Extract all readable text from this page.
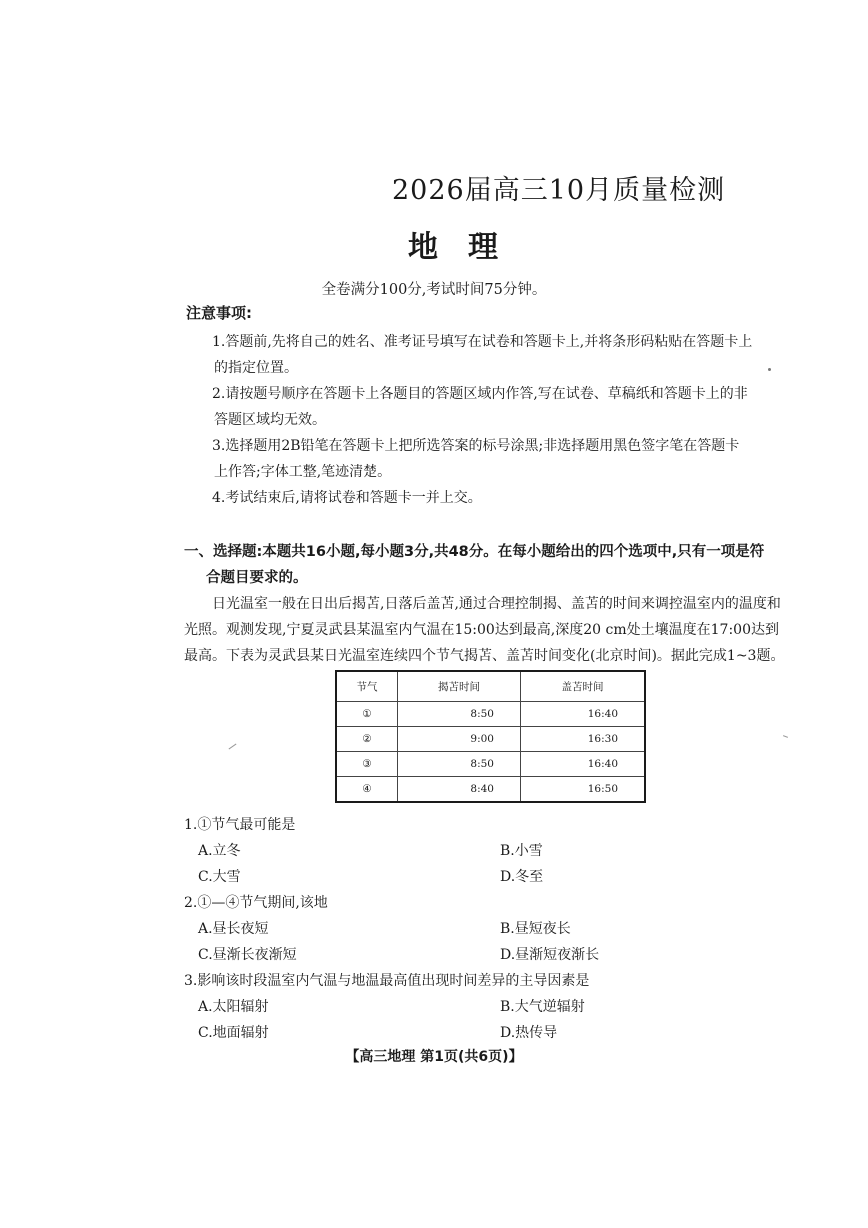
2026届高三10月质量检测
地理
全卷满分100分,考试时间75分钟。
注意事项:
1.答题前,先将自己的姓名、准考证号填写在试卷和答题卡上,并将条形码粘贴在答题卡上
的指定位置。
2.请按题号顺序在答题卡上各题目的答题区域内作答,写在试卷、草稿纸和答题卡上的非
答题区域均无效。
3.选择题用2B铅笔在答题卡上把所选答案的标号涂黑;非选择题用黑色签字笔在答题卡
上作答;字体工整,笔迹清楚。
4.考试结束后,请将试卷和答题卡一并上交。
一、选择题:本题共16小题,每小题3分,共48分。在每小题给出的四个选项中,只有一项是符
合题目要求的。
日光温室一般在日出后揭苫,日落后盖苫,通过合理控制揭、盖苫的时间来调控温室内的温度和
光照。观测发现,宁夏灵武县某温室内气温在15:00达到最高,深度20 cm处土壤温度在17:00达到
最高。下表为灵武县某日光温室连续四个节气揭苫、盖苫时间变化(北京时间)。据此完成1~3题。
节气	揭苫时间	盖苫时间
①	8:50	16:40
②	9:00	16:30
③	8:50	16:40
④	8:40	16:50
1.①节气最可能是
A.立冬	B.小雪
C.大雪	D.冬至
2.①—④节气期间,该地
A.昼长夜短	B.昼短夜长
C.昼渐长夜渐短	D.昼渐短夜渐长
3.影响该时段温室内气温与地温最高值出现时间差异的主导因素是
A.太阳辐射	B.大气逆辐射
C.地面辐射	D.热传导
【高三地理 第1页(共6页)】
